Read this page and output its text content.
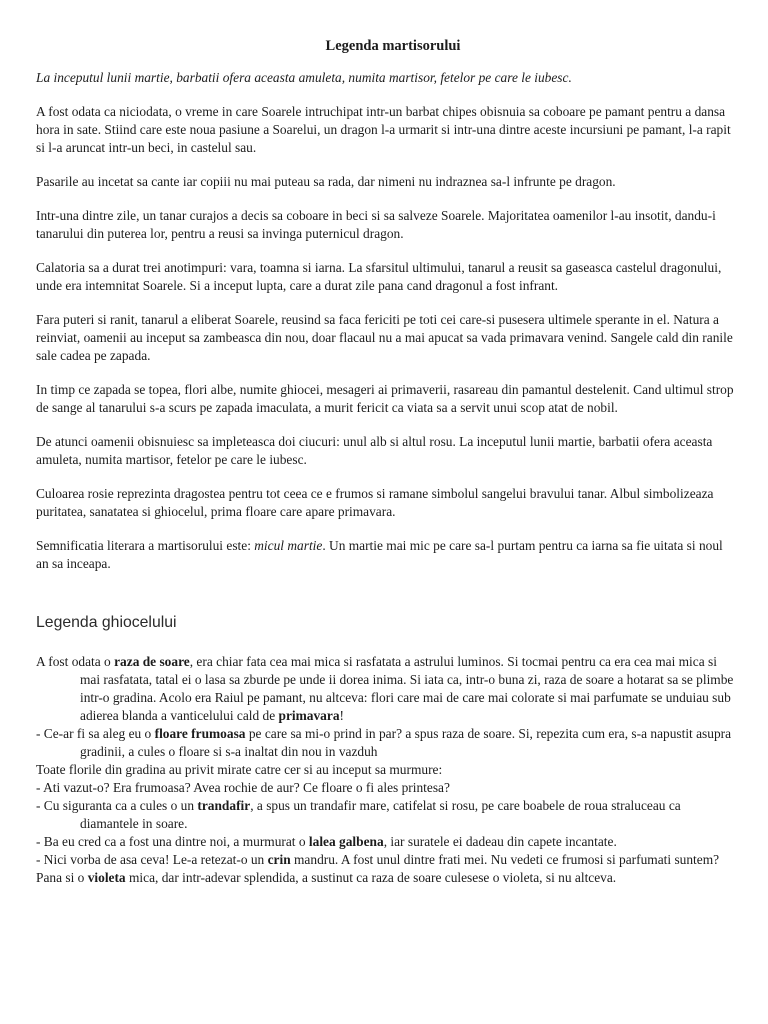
Legenda martisorului

La inceputul lunii martie, barbatii ofera aceasta amuleta, numita martisor, fetelor pe care le iubesc.

A fost odata ca niciodata, o vreme in care Soarele intruchipat intr-un barbat chipes obisnuia sa coboare pe pamant pentru a dansa hora in sate. Stiind care este noua pasiune a Soarelui, un dragon l-a urmarit si intr-una dintre aceste incursiuni pe pamant, l-a rapit si l-a aruncat intr-un beci, in castelul sau.

Pasarile au incetat sa cante iar copiii nu mai puteau sa rada, dar nimeni nu indraznea sa-l infrunte pe dragon.

Intr-una dintre zile, un tanar curajos a decis sa coboare in beci si sa salveze Soarele. Majoritatea oamenilor l-au insotit, dandu-i tanarului din puterea lor, pentru a reusi sa invinga puternicul dragon.

Calatoria sa a durat trei anotimpuri: vara, toamna si iarna. La sfarsitul ultimului, tanarul a reusit sa gaseasca castelul dragonului, unde era intemnitat Soarele. Si a inceput lupta, care a durat zile pana cand dragonul a fost infrant.

Fara puteri si ranit, tanarul a eliberat Soarele, reusind sa faca fericiti pe toti cei care-si pusesera ultimele sperante in el. Natura a reinviat, oamenii au inceput sa zambeasca din nou, doar flacaul nu a mai apucat sa vada primavara venind. Sangele cald din ranile sale cadea pe zapada.

In timp ce zapada se topea, flori albe, numite ghiocei, mesageri ai primaverii, rasareau din pamantul destelenit. Cand ultimul strop de sange al tanarului s-a scurs pe zapada imaculata, a murit fericit ca viata sa a servit unui scop atat de nobil.

De atunci oamenii obisnuiesc sa impleteasca doi ciucuri: unul alb si altul rosu. La inceputul lunii martie, barbatii ofera aceasta amuleta, numita martisor, fetelor pe care le iubesc.

Culoarea rosie reprezinta dragostea pentru tot ceea ce e frumos si ramane simbolul sangelui bravului tanar. Albul simbolizeaza puritatea, sanatatea si ghiocelul, prima floare care apare primavara.

Semnificatia literara a martisorului este: micul martie. Un martie mai mic pe care sa-l purtam pentru ca iarna sa fie uitata si noul an sa inceapa.

Legenda ghiocelului

A fost odata o raza de soare, era chiar fata cea mai mica si rasfatata a astrului luminos. Si tocmai pentru ca era cea mai mica si mai rasfatata, tatal ei o lasa sa zburde pe unde ii dorea inima. Si iata ca, intr-o buna zi, raza de soare a hotarat sa se plimbe intr-o gradina. Acolo era Raiul pe pamant, nu altceva: flori care mai de care mai colorate si mai parfumate se unduiau sub adierea blanda a vanticelului cald de primavara!

- Ce-ar fi sa aleg eu o floare frumoasa pe care sa mi-o prind in par? a spus raza de soare. Si, repezita cum era, s-a napustit asupra gradinii, a cules o floare si s-a inaltat din nou in vazduh

Toate florile din gradina au privit mirate catre cer si au inceput sa murmure:

- Ati vazut-o? Era frumoasa? Avea rochie de aur? Ce floare o fi ales printesa?

- Cu siguranta ca a cules o un trandafir, a spus un trandafir mare, catifelat si rosu, pe care boabele de roua straluceau ca diamantele in soare.

- Ba eu cred ca a fost una dintre noi, a murmurat o lalea galbena, iar suratele ei dadeau din capete incantate.

- Nici vorba de asa ceva! Le-a retezat-o un crin mandru. A fost unul dintre frati mei. Nu vedeti ce frumosi si parfumati suntem?

Pana si o violeta mica, dar intr-adevar splendida, a sustinut ca raza de soare culesese o violeta, si nu altceva.
